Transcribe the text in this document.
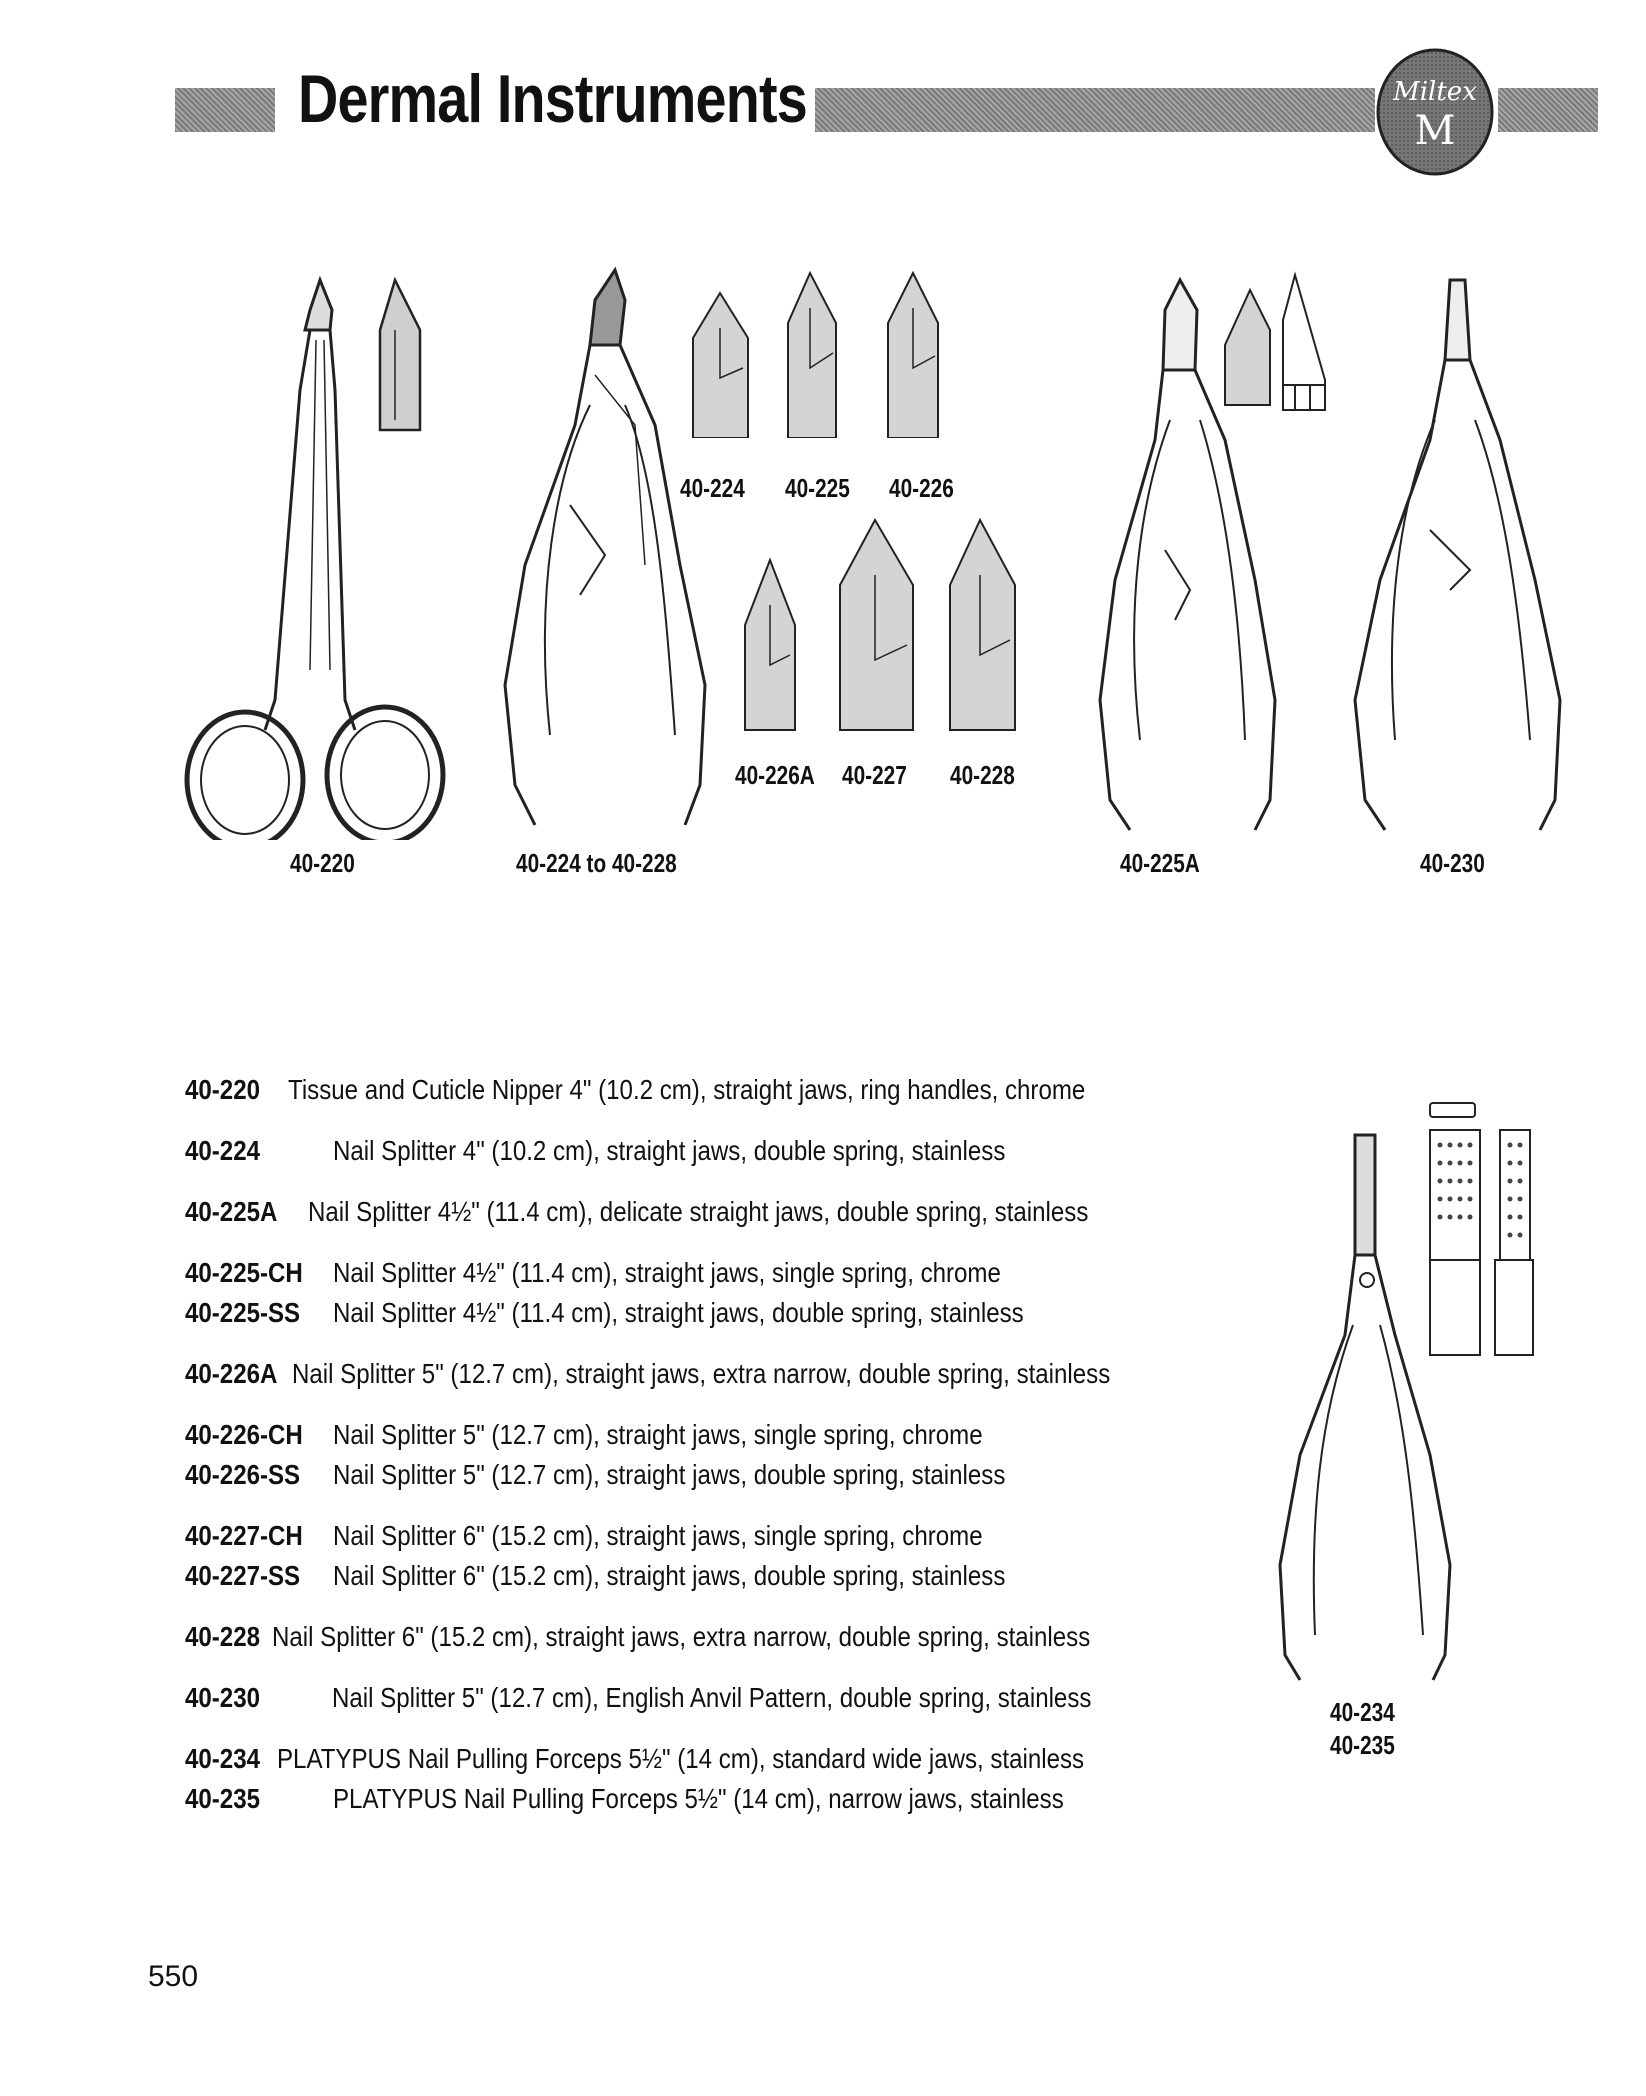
Dermal Instruments	Miltex
M
40-220	40-224 to 40-228
40-224 40-225 40-226
40-226A 40-227 40-228
40-225A	40-230
40-234
40-235
40-220 Tissue and Cuticle Nipper 4" (10.2 cm), straight jaws, ring handles, chrome
40-224	Nail Splitter 4" (10.2 cm), straight jaws, double spring, stainless
40-225A	Nail Splitter 4½" (11.4 cm), delicate straight jaws, double spring, stainless
40-225-CH	Nail Splitter 4½" (11.4 cm), straight jaws, single spring, chrome
40-225-SS	Nail Splitter 4½" (11.4 cm), straight jaws, double spring, stainless
40-226A Nail Splitter 5" (12.7 cm), straight jaws, extra narrow, double spring, stainless
40-226-CH	Nail Splitter 5" (12.7 cm), straight jaws, single spring, chrome
40-226-SS	Nail Splitter 5" (12.7 cm), straight jaws, double spring, stainless
40-227-CH	Nail Splitter 6" (15.2 cm), straight jaws, single spring, chrome
40-227-SS	Nail Splitter 6" (15.2 cm), straight jaws, double spring, stainless
40-228 Nail Splitter 6" (15.2 cm), straight jaws, extra narrow, double spring, stainless
40-230	Nail Splitter 5" (12.7 cm), English Anvil Pattern, double spring, stainless
40-234 PLATYPUS Nail Pulling Forceps 5½" (14 cm), standard wide jaws, stainless
40-235	PLATYPUS Nail Pulling Forceps 5½" (14 cm), narrow jaws, stainless
550
